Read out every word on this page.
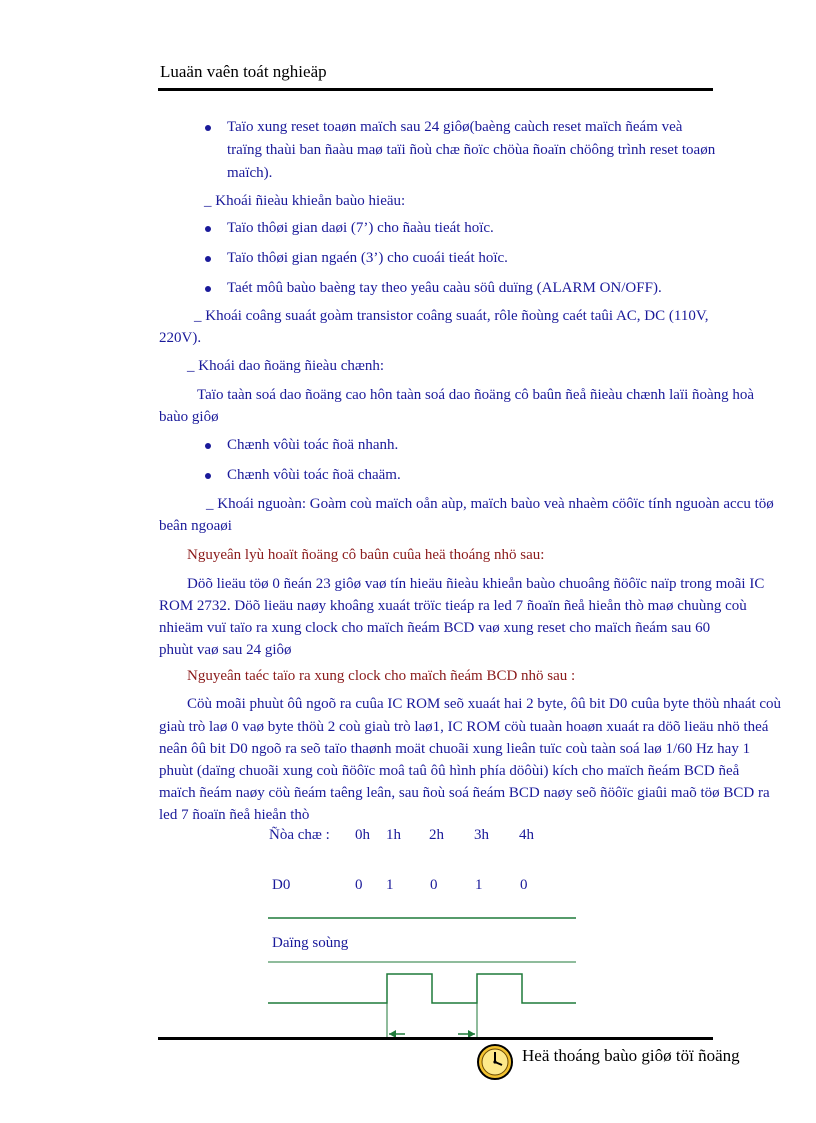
Luaän vaên toát nghieäp
Taïo xung reset toaøn maïch sau 24 giôø(baèng caùch reset maïch ñeám veà
traïng thaùi ban ñaàu maø taïi ñoù chæ ñoïc chöùa ñoaïn chöông trình reset toaøn
maïch).
_ Khoái ñieàu khieån baùo hieäu:
Taïo thôøi gian daøi (7’) cho ñaàu tieát hoïc.
Taïo thôøi gian ngaén (3’) cho cuoái tieát hoïc.
Taét môû baùo baèng tay theo yeâu caàu söû duïng (ALARM ON/OFF).
_ Khoái coâng suaát goàm transistor coâng suaát, rôle ñoùng caét taûi AC, DC (110V,
220V).
_ Khoái dao ñoäng ñieàu chænh:
Taïo taàn soá dao ñoäng cao hôn taàn soá dao ñoäng cô baûn ñeå ñieàu chænh laïi ñoàng hoà
baùo giôø
Chænh vôùi toác ñoä nhanh.
Chænh vôùi toác ñoä chaäm.
_ Khoái nguoàn: Goàm coù maïch oån aùp, maïch baùo veà nhaèm cöôïc tính nguoàn accu töø
beân ngoaøi
Nguyeân lyù hoaït ñoäng cô baûn cuûa heä thoáng nhö sau:
Döõ lieäu töø 0 ñeán 23 giôø vaø tín hieäu ñieàu khieån baùo chuoâng ñöôïc naïp trong moãi IC
ROM 2732. Döõ lieäu naøy khoâng xuaát tröïc tieáp ra led 7 ñoaïn ñeå hieån thò maø chuùng coù
nhieäm vuï taïo ra xung clock cho maïch ñeám BCD vaø xung reset cho maïch ñeám sau 60
phuùt vaø sau 24 giôø
Nguyeân taéc taïo ra xung clock cho maïch ñeám BCD nhö sau :
Cöù moãi phuùt ôû ngoõ ra cuûa IC ROM seõ xuaát hai 2 byte, ôû bit D0 cuûa byte thöù nhaát coù
giaù trò laø 0 vaø byte thöù 2 coù giaù trò laø1, IC ROM cöù tuaàn hoaøn xuaát ra döõ lieäu nhö theá
neân ôû bit D0 ngoõ ra seõ taïo thaønh moät chuoãi xung lieân tuïc coù taàn soá laø 1/60 Hz hay 1
phuùt (daïng chuoãi xung coù ñöôïc moâ taû ôû hình phía döôùi) kích cho maïch ñeám BCD ñeå
maïch ñeám naøy cöù ñeám taêng leân, sau ñoù soá ñeám BCD naøy seõ ñöôïc giaûi maõ töø BCD ra
led 7 ñoaïn ñeå hieån thò
Ñòa chæ : 0h 1h 2h 3h 4h
D0	0 1 0	1	0
Daïng soùng
Heä thoáng baùo giôø töï ñoäng
